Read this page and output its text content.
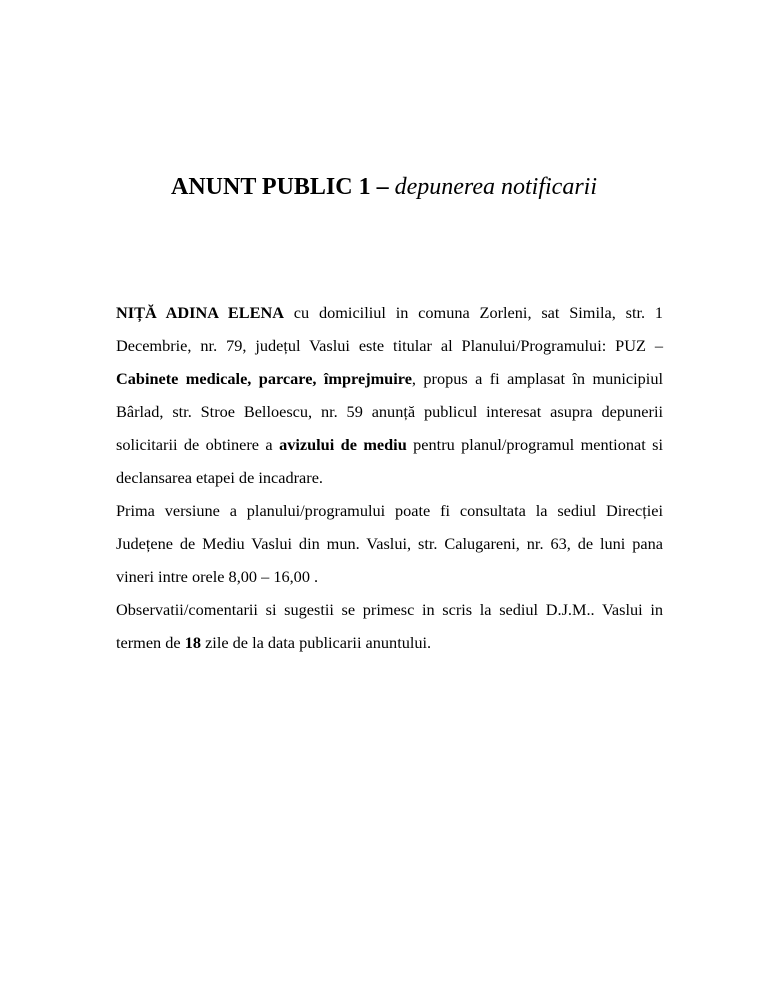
ANUNT PUBLIC 1 – depunerea notificarii

NIȚĂ ADINA ELENA cu domiciliul in comuna Zorleni, sat Simila, str. 1 Decembrie, nr. 79, județul Vaslui este titular al Planului/Programului: PUZ – Cabinete medicale, parcare, împrejmuire, propus a fi amplasat în municipiul Bârlad, str. Stroe Belloescu, nr. 59 anunță publicul interesat asupra depunerii solicitarii de obtinere a avizului de mediu pentru planul/programul mentionat si declansarea etapei de incadrare.

Prima versiune a planului/programului poate fi consultata la sediul Direcției Județene de Mediu Vaslui din mun. Vaslui, str. Calugareni, nr. 63, de luni pana vineri intre orele 8,00 – 16,00 .

Observatii/comentarii si sugestii se primesc in scris la sediul D.J.M.. Vaslui in termen de 18 zile de la data publicarii anuntului.
